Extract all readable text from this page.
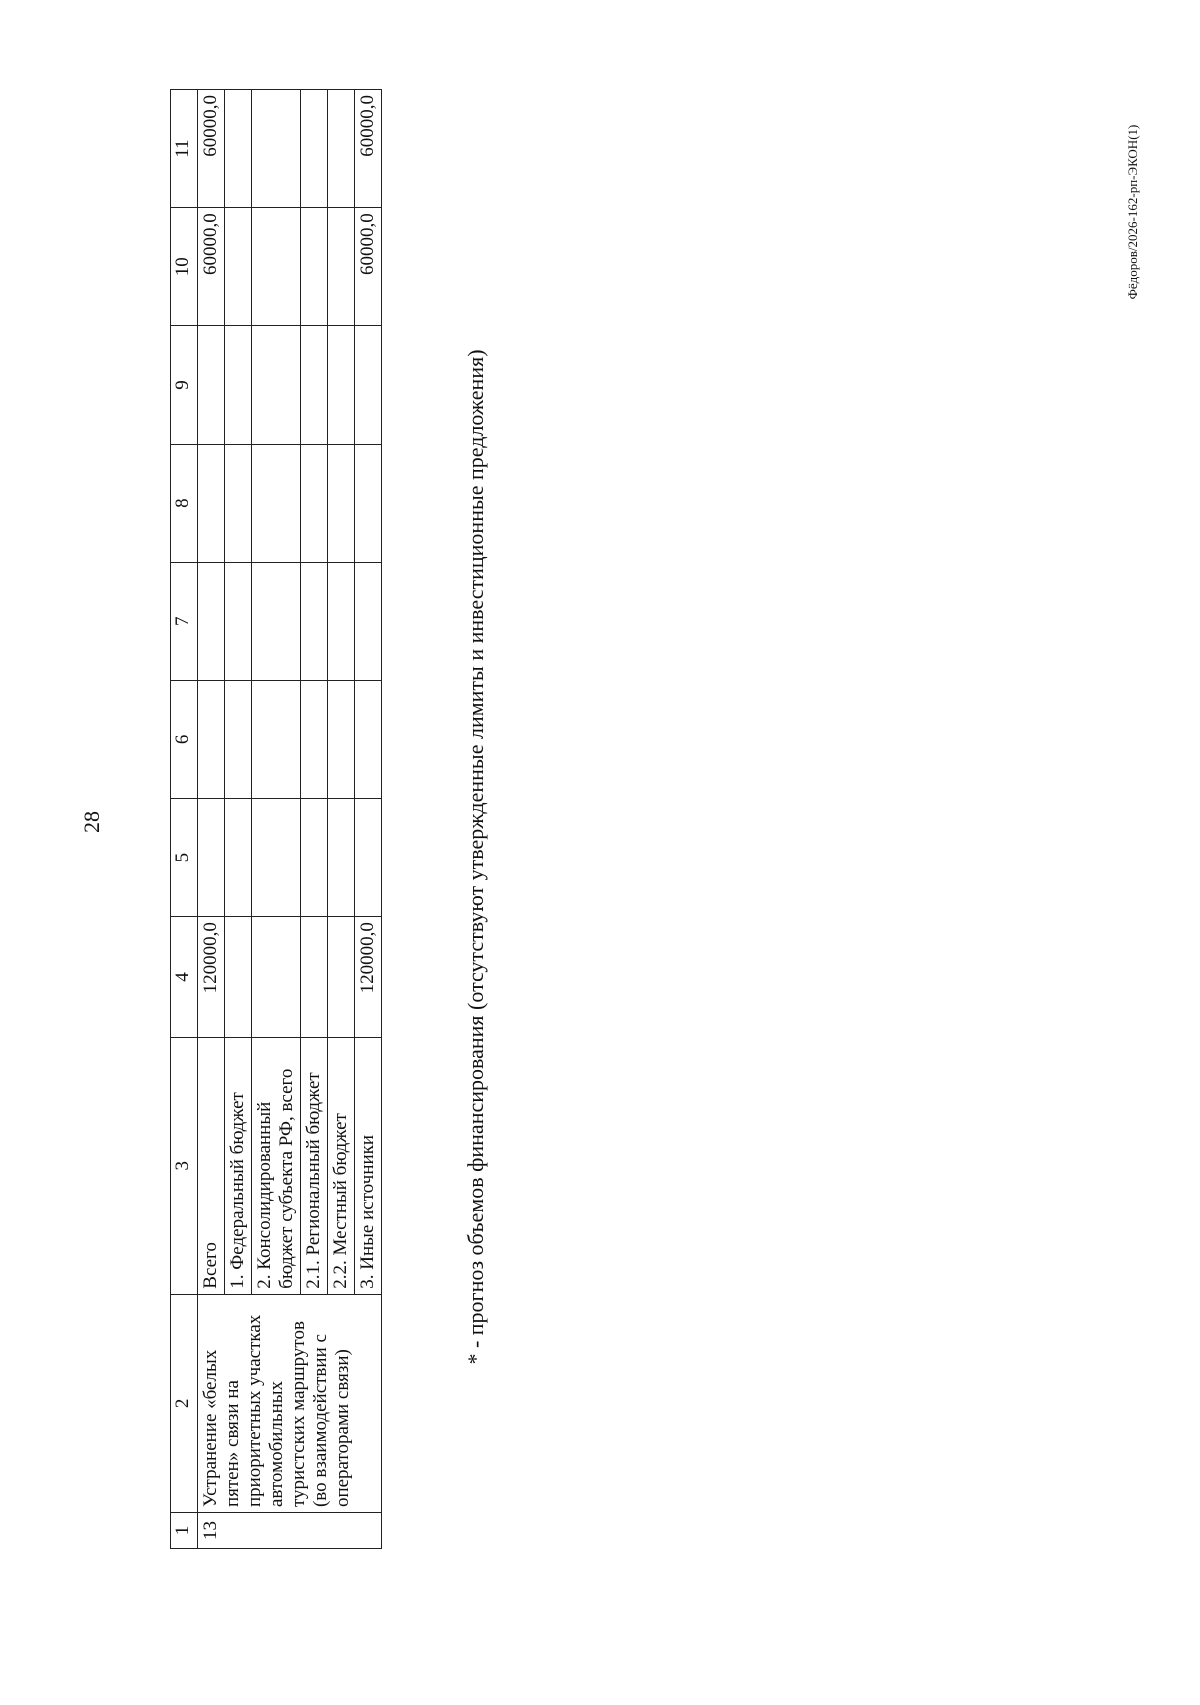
28
1	2	3	4	5	6	7	8	9	10	11
13	Устранение «белых пятен» связи на приоритетных участках автомобильных туристских маршрутов (во взаимодействии с операторами связи)	Всего	120000,0						60000,0	60000,0
		1. Федеральный бюджет								
		2. Консолидированный бюджет субъекта РФ, всего								
		2.1. Региональный бюджет								
		2.2. Местный бюджет								
		3. Иные источники	120000,0						60000,0	60000,0
* - прогноз объемов финансирования (отсутствуют утвержденные лимиты и инвестиционные предложения)
Фёдоров/2026-162-рп-ЭКОН(1)
